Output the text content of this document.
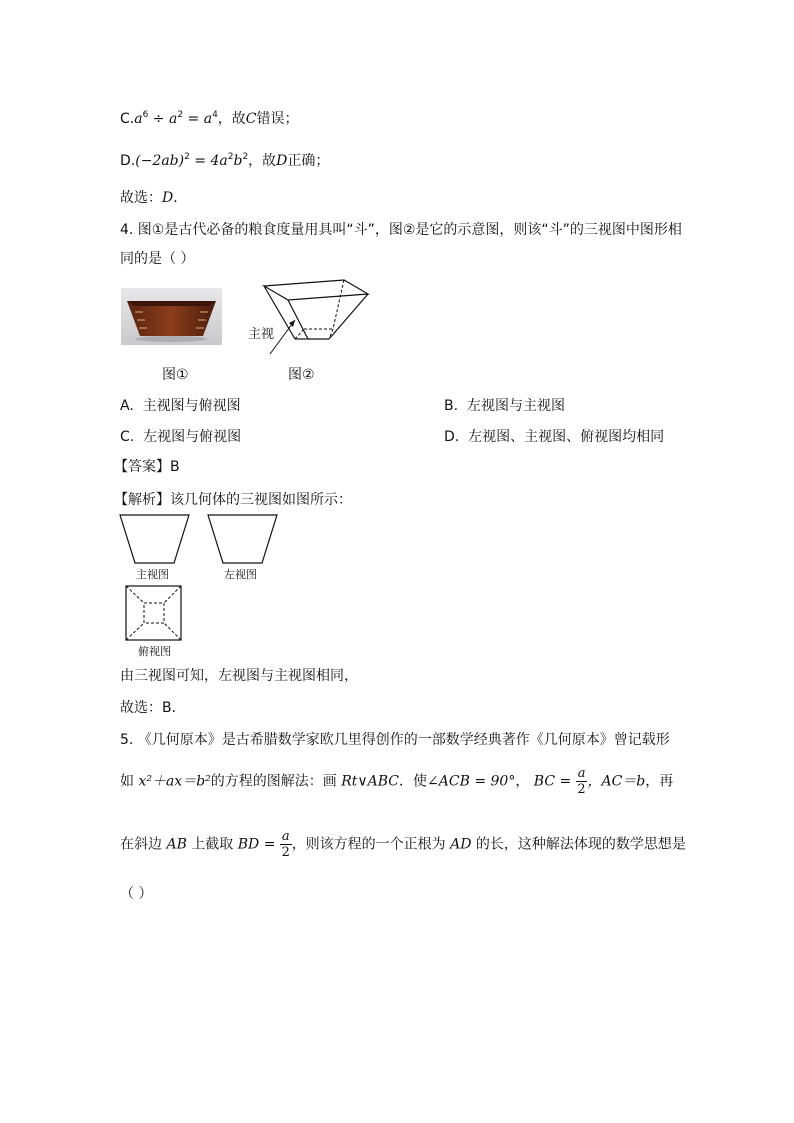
$C.a^6 \div a^2 = a^4$，故C错误；
$D.(-2ab)^2 = 4a^2b^2$，故D正确；
故选：D．
4. 图①是古代必备的粮食度量用具叫“斗”，图②是它的示意图，则该“斗”的三视图中图形相
同的是（ ）
图①
主视
图②
A. 主视图与俯视图	B. 左视图与主视图
C. 左视图与俯视图	D. 左视图、主视图、俯视图均相同
【答案】B
【解析】该几何体的三视图如图所示：
主视图	左视图
俯视图
由三视图可知，左视图与主视图相同，
故选：B．
5. 《几何原本》是古希腊数学家欧几里得创作的一部数学经典著作《几何原本》曾记载形
如 x²＋ax＝b²的方程的图解法：画 Rt∨ABC．使∠ACB = 90°， BC = $\frac{a}{2}$ ，AC＝b，再
在斜边 AB 上截取 BD = $\frac{a}{2}$ ，则该方程的一个正根为 AD 的长，这种解法体现的数学思想是
（ ）
